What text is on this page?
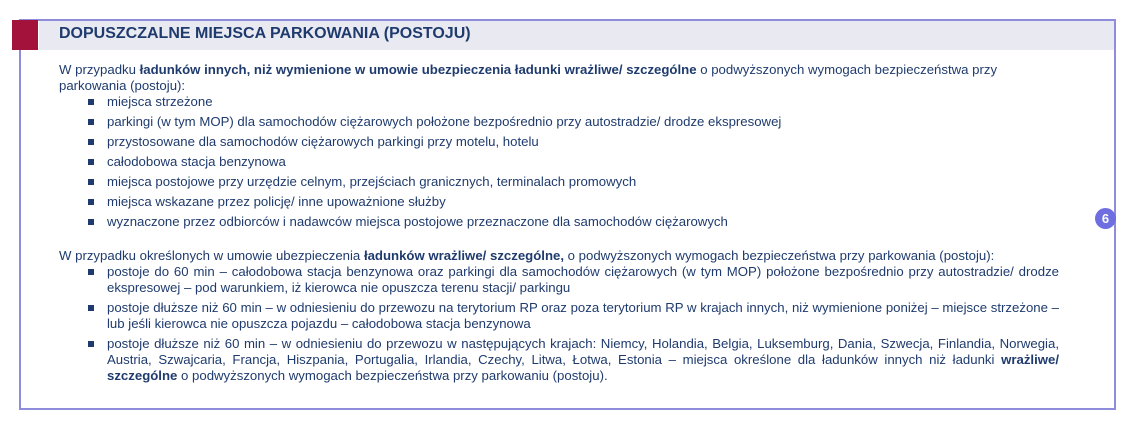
DOPUSZCZALNE MIEJSCA PARKOWANIA (POSTOJU)

W przypadku ładunków innych, niż wymienione w umowie ubezpieczenia ładunki wrażliwe/ szczególne o podwyższonych wymogach bezpieczeństwa przy parkowania (postoju):

miejsca strzeżone
parkingi (w tym MOP) dla samochodów ciężarowych położone bezpośrednio przy autostradzie/ drodze ekspresowej
przystosowane dla samochodów ciężarowych parkingi przy motelu, hotelu
całodobowa stacja benzynowa
miejsca postojowe przy urzędzie celnym, przejściach granicznych, terminalach promowych
miejsca wskazane przez policję/ inne upoważnione służby
wyznaczone przez odbiorców i nadawców miejsca postojowe przeznaczone dla samochodów ciężarowych

W przypadku określonych w umowie ubezpieczenia ładunków wrażliwe/ szczególne, o podwyższonych wymogach bezpieczeństwa przy parkowania (postoju):

postoje do 60 min – całodobowa stacja benzynowa oraz parkingi dla samochodów ciężarowych (w tym MOP) położone bezpośrednio przy autostradzie/ drodze ekspresowej – pod warunkiem, iż kierowca nie opuszcza terenu stacji/ parkingu
postoje dłuższe niż 60 min – w odniesieniu do przewozu na terytorium RP oraz poza terytorium RP w krajach innych, niż wymienione poniżej – miejsce strzeżone – lub jeśli kierowca nie opuszcza pojazdu – całodobowa stacja benzynowa
postoje dłuższe niż 60 min – w odniesieniu do przewozu w następujących krajach: Niemcy, Holandia, Belgia, Luksemburg, Dania, Szwecja, Finlandia, Norwegia, Austria, Szwajcaria, Francja, Hiszpania, Portugalia, Irlandia, Czechy, Litwa, Łotwa, Estonia – miejsca określone dla ładunków innych niż ładunki wrażliwe/ szczególne o podwyższonych wymogach bezpieczeństwa przy parkowaniu (postoju).
6
